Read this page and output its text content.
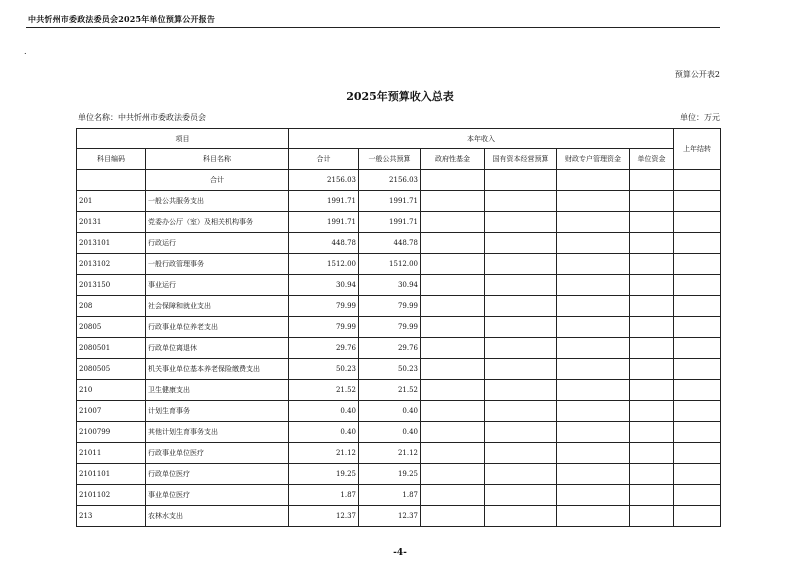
中共忻州市委政法委员会2025年单位预算公开报告
.
预算公开表2
2025年预算收入总表
单位名称：中共忻州市委政法委员会	单位：万元
项目		本年收入						上年结转
科目编码	科目名称	合计	一般公共预算	政府性基金	国有资本经营预算	财政专户管理资金	单位资金	
	合计	2156.03	2156.03					
201	一般公共服务支出	1991.71	1991.71					
20131	党委办公厅（室）及相关机构事务	1991.71	1991.71					
2013101	行政运行	448.78	448.78					
2013102	一般行政管理事务	1512.00	1512.00					
2013150	事业运行	30.94	30.94					
208	社会保障和就业支出	79.99	79.99					
20805	行政事业单位养老支出	79.99	79.99					
2080501	行政单位离退休	29.76	29.76					
2080505	机关事业单位基本养老保险缴费支出	50.23	50.23					
210	卫生健康支出	21.52	21.52					
21007	计划生育事务	0.40	0.40					
2100799	其他计划生育事务支出	0.40	0.40					
21011	行政事业单位医疗	21.12	21.12					
2101101	行政单位医疗	19.25	19.25					
2101102	事业单位医疗	1.87	1.87					
213	农林水支出	12.37	12.37					
-4-
